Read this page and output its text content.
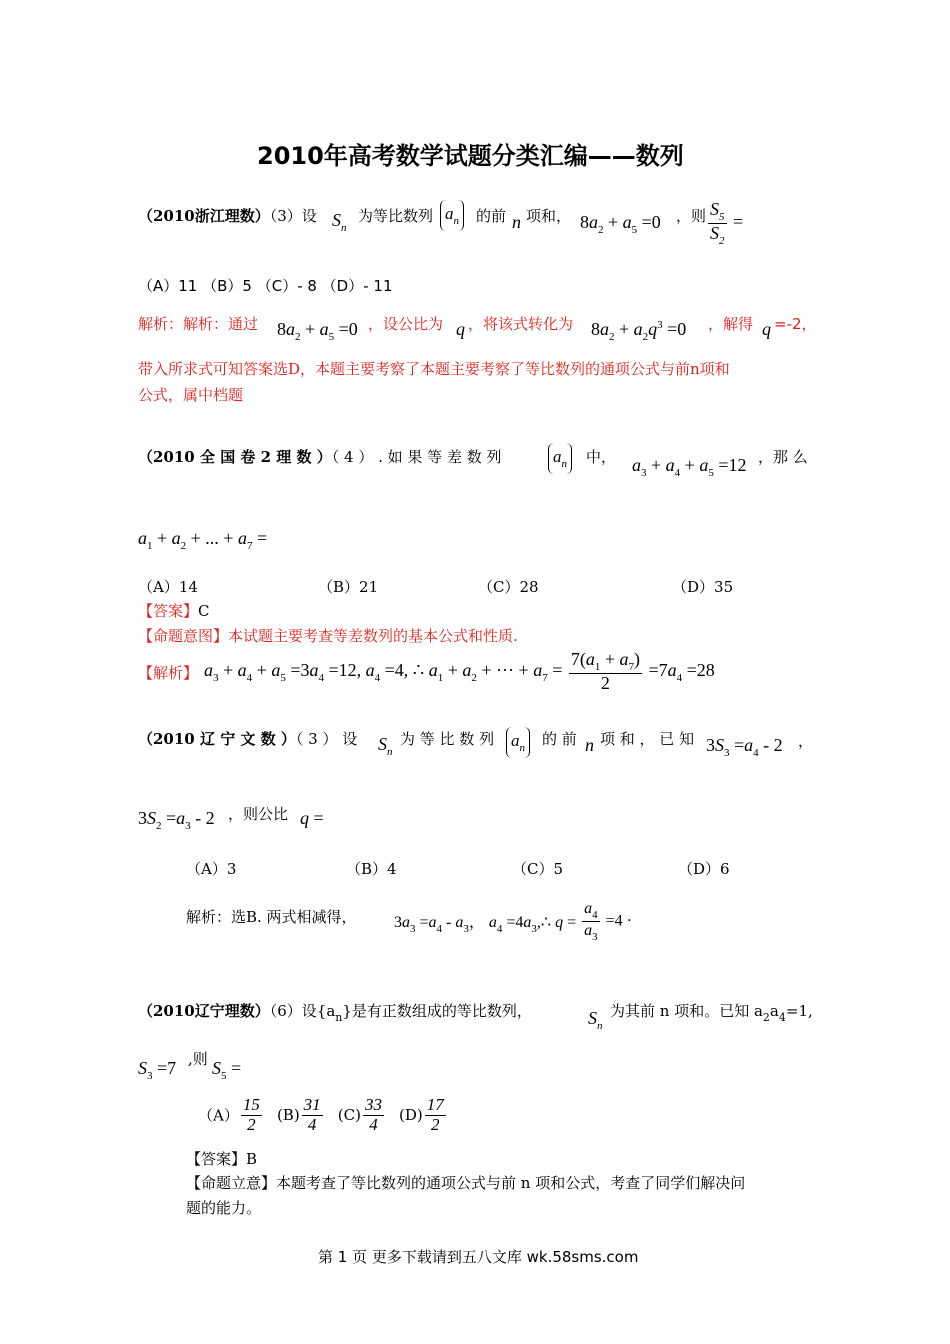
2010年高考数学试题分类汇编——数列
（2010浙江理数）（3）设 $S_n$
为等比数列 $a_n$	的前 n 项和， $8a_2 + a_5 =0$ ，则 $\frac{S_5}{S_2}$ =
（A）11 （B）5 （C）- 8 （D）- 11
解析：解析：通过 $8a_2 + a_5 =0$ ，设公比为 q ，将该式转化为 $8a_2 + a_2q^3 =0$ ，解得 q =-2，
带入所求式可知答案选D，本题主要考察了本题主要考察了等比数列的通项公式与前n项和
公式，属中档题
（2010 全 国 卷 2 理 数 ）（ 4 ） . 如 果 等 差 数 列	$a_n$	中， $a_3 + a_4 + a_5 =12$ ，那 么
$a_1 + a_2$ + ... + $a_7$ =
（A）14	（B）21	（C）28	（D）35
【答案】C
【命题意图】本试题主要考查等差数列的基本公式和性质.
【解析】 $a_3 + a_4 + a_5 =3a_4 =12$, $a_4 =4$, ∴ $a_1 + a_2$ + ··· + $a_7 = \frac{7(a_1 + a_7)}{2} =7a_4 =28$
（2010 辽 宁 文 数 ）（ 3 ） 设 $S_n$
为 等 比 数 列 $a_n$	的 前 n 项 和 ， 已 知 $3S_3 =a_4 - 2$ ，
$3S_2 =a_3 - 2$ ，则公比 q =
（A）3	（B）4	（C）5	（D）6
解析：选B. 两式相减得， $3a_3 =a_4 - a_3$， $a_4$ $=4a_3,\therefore$ $q = \frac{a_4}{a_3} =4$ ·
（2010辽宁理数）（6）设$\{a_n\}$是有正数组成的等比数列，	$S_n$
为其前 n 项和。已知 $a_2a_4=1$,
$S_3 =7$ ,则 $S_5$ =
$(A) \frac{15}{2} (B) \frac{31}{4} (C) \frac{33}{4} (D) \frac{17}{2}$
【答案】B
【命题立意】本题考查了等比数列的通项公式与前 n 项和公式，考查了同学们解决问
题的能力。
第 1 页 更多下载请到五八文库 wk.58sms.com
